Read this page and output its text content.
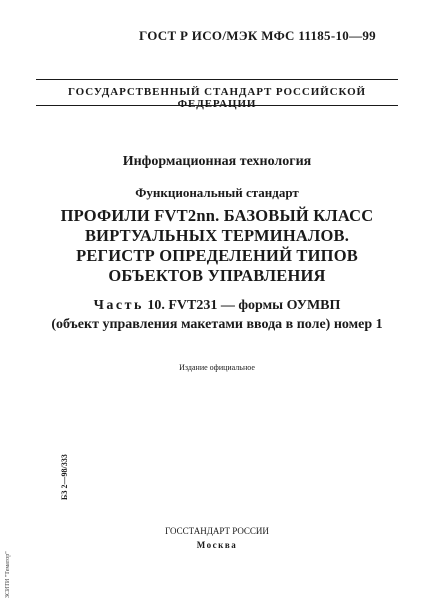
ГОСТ Р ИСО/МЭК МФС 11185-10—99
ГОСУДАРСТВЕННЫЙ СТАНДАРТ РОССИЙСКОЙ ФЕДЕРАЦИИ
Информационная технология
Функциональный стандарт
ПРОФИЛИ FVT2nn. БАЗОВЫЙ КЛАСС
ВИРТУАЛЬНЫХ ТЕРМИНАЛОВ.
РЕГИСТР ОПРЕДЕЛЕНИЙ ТИПОВ
ОБЪЕКТОВ УПРАВЛЕНИЯ
Часть 10. FVT231 — формы ОУМВП
(объект управления макетами ввода в поле) номер 1
Издание официальное
БЗ 2—98/333
ГОССТАНДАРТ РОССИИ
Москва
ЗСИТИ "Тематор"
